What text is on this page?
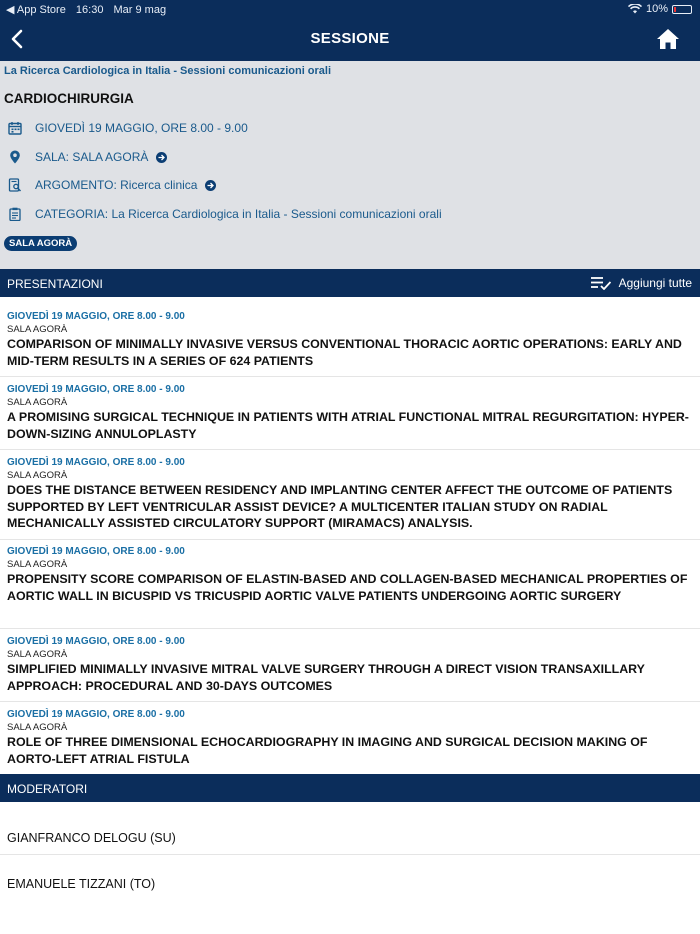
◀ App Store 16:30 Mar 9 mag	10%
SESSIONE
La Ricerca Cardiologica in Italia - Sessioni comunicazioni orali
CARDIOCHIRURGIA
GIOVEDÌ 19 MAGGIO, ORE 8.00 - 9.00
SALA: SALA AGORÀ
ARGOMENTO: Ricerca clinica
CATEGORIA: La Ricerca Cardiologica in Italia - Sessioni comunicazioni orali
SALA AGORÀ
PRESENTAZIONI	Aggiungi tutte
GIOVEDÌ 19 MAGGIO, ORE 8.00 - 9.00
SALA AGORÀ
COMPARISON OF MINIMALLY INVASIVE VERSUS CONVENTIONAL THORACIC AORTIC OPERATIONS: EARLY AND MID-TERM RESULTS IN A SERIES OF 624 PATIENTS
GIOVEDÌ 19 MAGGIO, ORE 8.00 - 9.00
SALA AGORÀ
A PROMISING SURGICAL TECHNIQUE IN PATIENTS WITH ATRIAL FUNCTIONAL MITRAL REGURGITATION: HYPER-DOWN-SIZING ANNULOPLASTY
GIOVEDÌ 19 MAGGIO, ORE 8.00 - 9.00
SALA AGORÀ
DOES THE DISTANCE BETWEEN RESIDENCY AND IMPLANTING CENTER AFFECT THE OUTCOME OF PATIENTS SUPPORTED BY LEFT VENTRICULAR ASSIST DEVICE? A MULTICENTER ITALIAN STUDY ON RADIAL MECHANICALLY ASSISTED CIRCULATORY SUPPORT (MIRAMACS) ANALYSIS.
GIOVEDÌ 19 MAGGIO, ORE 8.00 - 9.00
SALA AGORÀ
PROPENSITY SCORE COMPARISON OF ELASTIN-BASED AND COLLAGEN-BASED MECHANICAL PROPERTIES OF AORTIC WALL IN BICUSPID VS TRICUSPID AORTIC VALVE PATIENTS UNDERGOING AORTIC SURGERY
GIOVEDÌ 19 MAGGIO, ORE 8.00 - 9.00
SALA AGORÀ
SIMPLIFIED MINIMALLY INVASIVE MITRAL VALVE SURGERY THROUGH A DIRECT VISION TRANSAXILLARY APPROACH: PROCEDURAL AND 30-DAYS OUTCOMES
GIOVEDÌ 19 MAGGIO, ORE 8.00 - 9.00
SALA AGORÀ
ROLE OF THREE DIMENSIONAL ECHOCARDIOGRAPHY IN IMAGING AND SURGICAL DECISION MAKING OF AORTO-LEFT ATRIAL FISTULA
MODERATORI
GIANFRANCO DELOGU (SU)
EMANUELE TIZZANI (TO)
